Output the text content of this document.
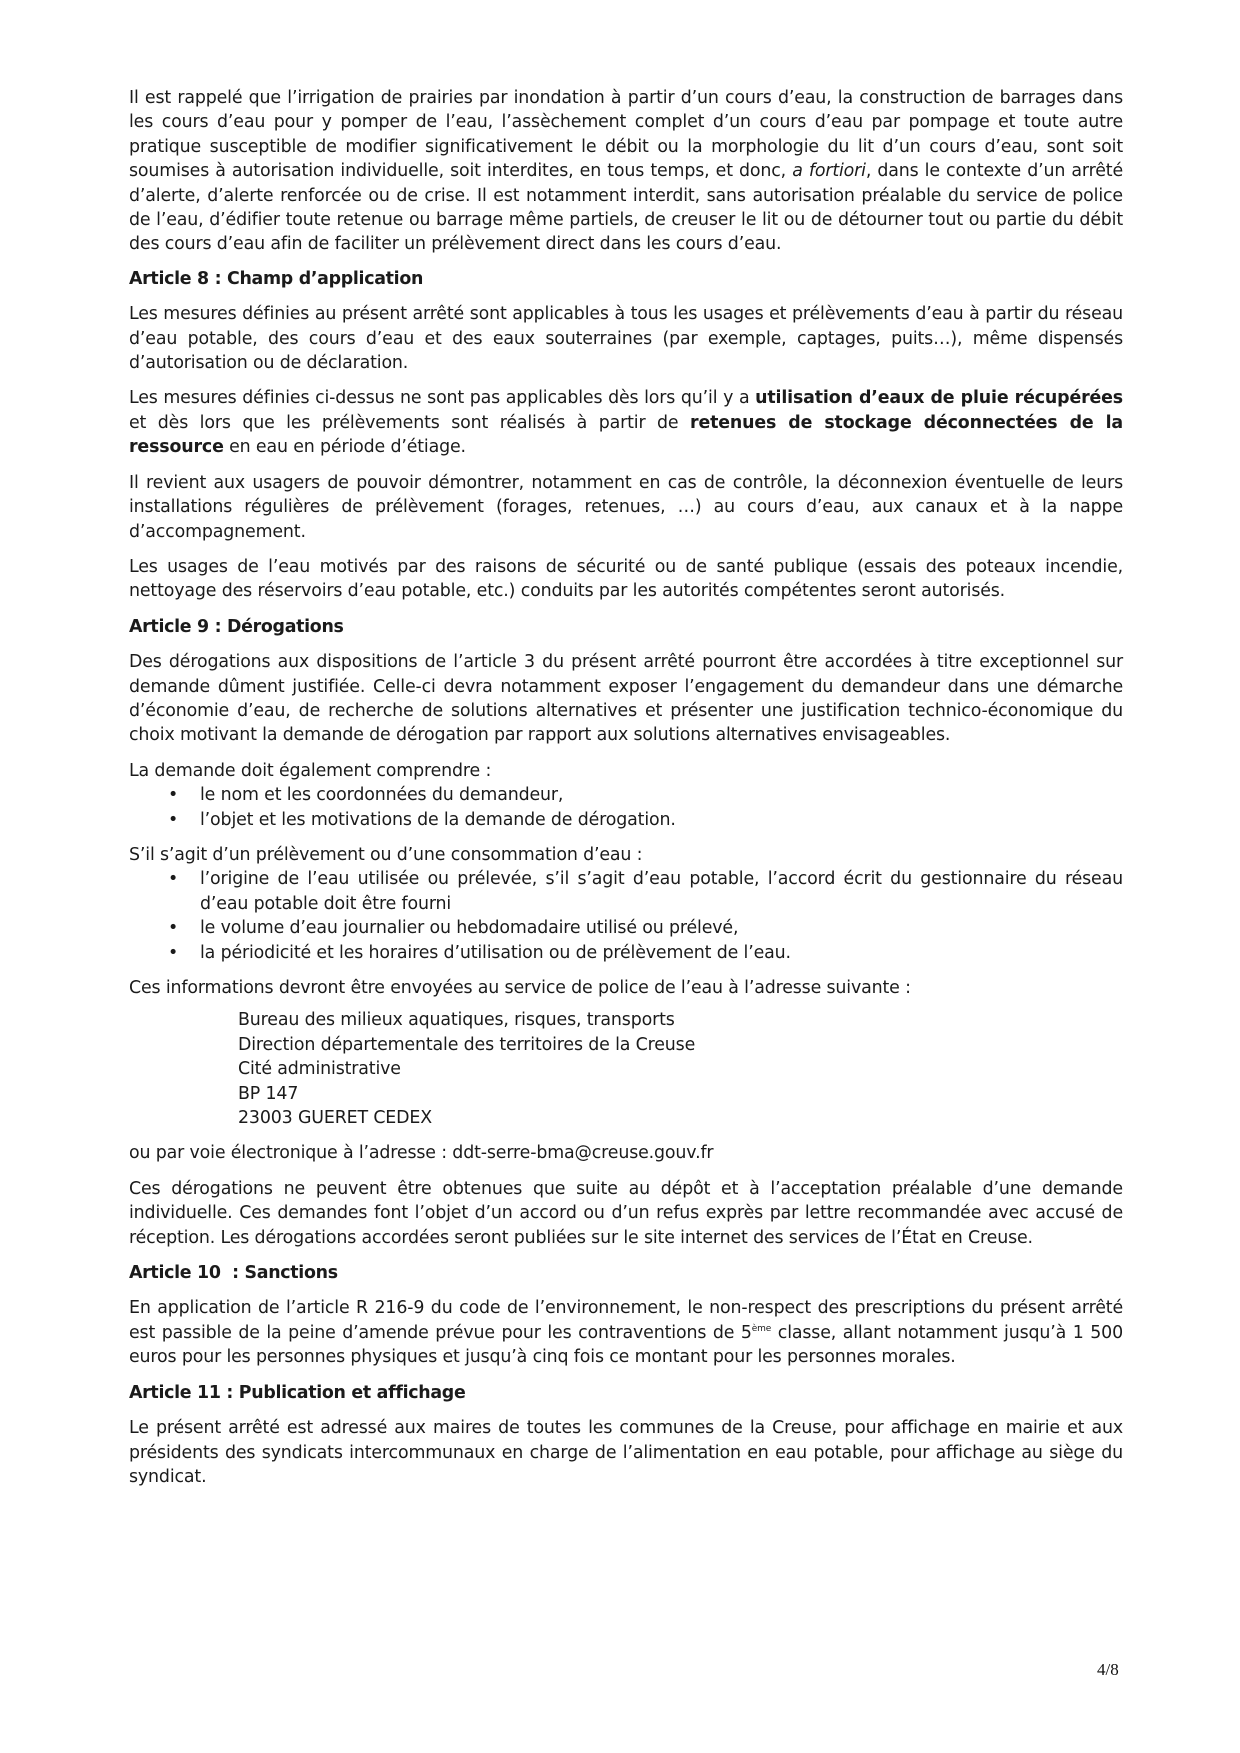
Il est rappelé que l’irrigation de prairies par inondation à partir d’un cours d’eau, la construction de barrages dans les cours d’eau pour y pomper de l’eau, l’assèchement complet d’un cours d’eau par pompage et toute autre pratique susceptible de modifier significativement le débit ou la morphologie du lit d’un cours d’eau, sont soit soumises à autorisation individuelle, soit interdites, en tous temps, et donc, a fortiori, dans le contexte d’un arrêté d’alerte, d’alerte renforcée ou de crise. Il est notamment interdit, sans autorisation préalable du service de police de l’eau, d’édifier toute retenue ou barrage même partiels, de creuser le lit ou de détourner tout ou partie du débit des cours d’eau afin de faciliter un prélèvement direct dans les cours d’eau.

Article 8 : Champ d’application

Les mesures définies au présent arrêté sont applicables à tous les usages et prélèvements d’eau à partir du réseau d’eau potable, des cours d’eau et des eaux souterraines (par exemple, captages, puits…), même dispensés d’autorisation ou de déclaration.

Les mesures définies ci-dessus ne sont pas applicables dès lors qu’il y a utilisation d’eaux de pluie récupérées et dès lors que les prélèvements sont réalisés à partir de retenues de stockage déconnectées de la ressource en eau en période d’étiage.

Il revient aux usagers de pouvoir démontrer, notamment en cas de contrôle, la déconnexion éventuelle de leurs installations régulières de prélèvement (forages, retenues, …) au cours d’eau, aux canaux et à la nappe d’accompagnement.

Les usages de l’eau motivés par des raisons de sécurité ou de santé publique (essais des poteaux incendie, nettoyage des réservoirs d’eau potable, etc.) conduits par les autorités compétentes seront autorisés.

Article 9 : Dérogations

Des dérogations aux dispositions de l’article 3 du présent arrêté pourront être accordées à titre exceptionnel sur demande dûment justifiée. Celle-ci devra notamment exposer l’engagement du demandeur dans une démarche d’économie d’eau, de recherche de solutions alternatives et présenter une justification technico-économique du choix motivant la demande de dérogation par rapport aux solutions alternatives envisageables.

La demande doit également comprendre :

• le nom et les coordonnées du demandeur,
• l’objet et les motivations de la demande de dérogation.

S’il s’agit d’un prélèvement ou d’une consommation d’eau :

• l’origine de l’eau utilisée ou prélevée, s’il s’agit d’eau potable, l’accord écrit du gestionnaire du réseau d’eau potable doit être fourni
• le volume d’eau journalier ou hebdomadaire utilisé ou prélevé,
• la périodicité et les horaires d’utilisation ou de prélèvement de l’eau.

Ces informations devront être envoyées au service de police de l’eau à l’adresse suivante :

Bureau des milieux aquatiques, risques, transports
Direction départementale des territoires de la Creuse
Cité administrative
BP 147
23003 GUERET CEDEX

ou par voie électronique à l’adresse : ddt-serre-bma@creuse.gouv.fr

Ces dérogations ne peuvent être obtenues que suite au dépôt et à l’acceptation préalable d’une demande individuelle. Ces demandes font l’objet d’un accord ou d’un refus exprès par lettre recommandée avec accusé de réception. Les dérogations accordées seront publiées sur le site internet des services de l’État en Creuse.

Article 10  : Sanctions

En application de l’article R 216-9 du code de l’environnement, le non-respect des prescriptions du présent arrêté est passible de la peine d’amende prévue pour les contraventions de 5ème classe, allant notamment jusqu’à 1 500 euros pour les personnes physiques et jusqu’à cinq fois ce montant pour les personnes morales.

Article 11 : Publication et affichage

Le présent arrêté est adressé aux maires de toutes les communes de la Creuse, pour affichage en mairie et aux présidents des syndicats intercommunaux en charge de l’alimentation en eau potable, pour affichage au siège du syndicat.

4/8
